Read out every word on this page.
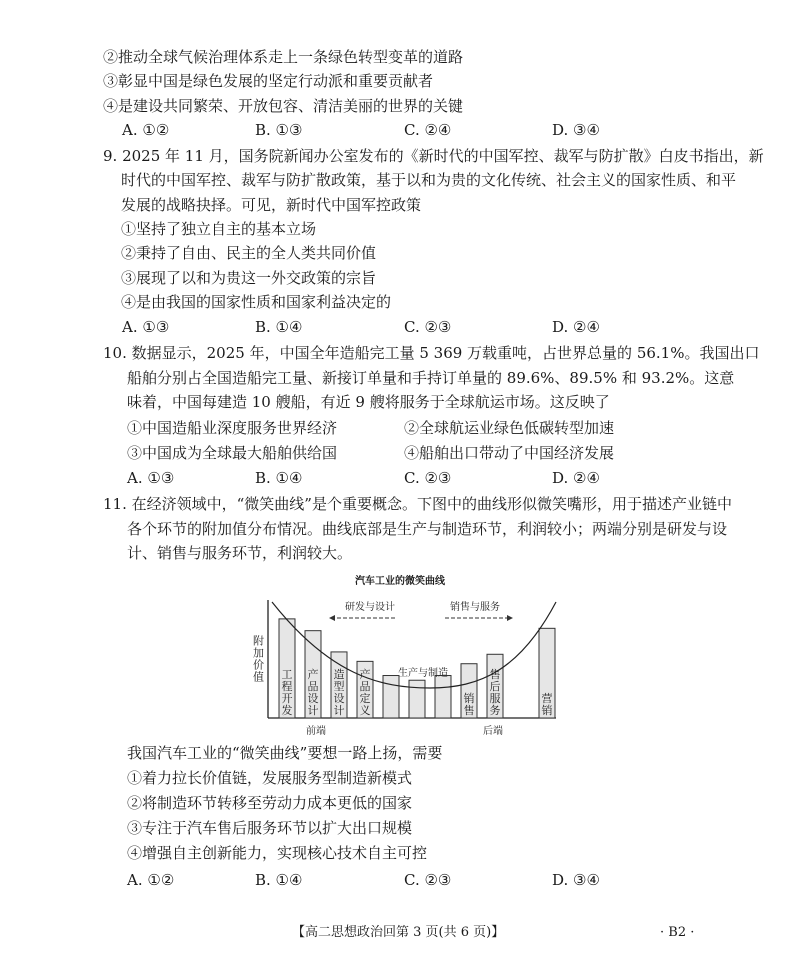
②推动全球气候治理体系走上一条绿色转型变革的道路
③彰显中国是绿色发展的坚定行动派和重要贡献者
④是建设共同繁荣、开放包容、清洁美丽的世界的关键
A. ①②	B. ①③	C. ②④	D. ③④
9. 2025 年 11 月，国务院新闻办公室发布的《新时代的中国军控、裁军与防扩散》白皮书指出，新
时代的中国军控、裁军与防扩散政策，基于以和为贵的文化传统、社会主义的国家性质、和平
发展的战略抉择。可见，新时代中国军控政策
①坚持了独立自主的基本立场
②秉持了自由、民主的全人类共同价值
③展现了以和为贵这一外交政策的宗旨
④是由我国的国家性质和国家利益决定的
A. ①③	B. ①④	C. ②③	D. ②④
10. 数据显示，2025 年，中国全年造船完工量 5 369 万载重吨，占世界总量的 56.1%。我国出口
船舶分别占全国造船完工量、新接订单量和手持订单量的 89.6%、89.5% 和 93.2%。这意
味着，中国每建造 10 艘船，有近 9 艘将服务于全球航运市场。这反映了
①中国造船业深度服务世界经济	②全球航运业绿色低碳转型加速
③中国成为全球最大船舶供给国	④船舶出口带动了中国经济发展
A. ①③	B. ①④	C. ②③	D. ②④
11. 在经济领域中，“微笑曲线”是个重要概念。下图中的曲线形似微笑嘴形，用于描述产业链中
各个环节的附加值分布情况。曲线底部是生产与制造环节，利润较小；两端分别是研发与设
计、销售与服务环节，利润较大。
汽车工业的微笑曲线
附加价值 工程开发
产品设计
造型设计
产品定义
销售
售后服务
营销
研发与设计	销售与服务
生产与制造
前端	后端
我国汽车工业的“微笑曲线”要想一路上扬，需要
①着力拉长价值链，发展服务型制造新模式
②将制造环节转移至劳动力成本更低的国家
③专注于汽车售后服务环节以扩大出口规模
④增强自主创新能力，实现核心技术自主可控
A. ①②	B. ①④	C. ②③	D. ③④
【高二思想政治回第 3 页(共 6 页)】	· B2 ·
